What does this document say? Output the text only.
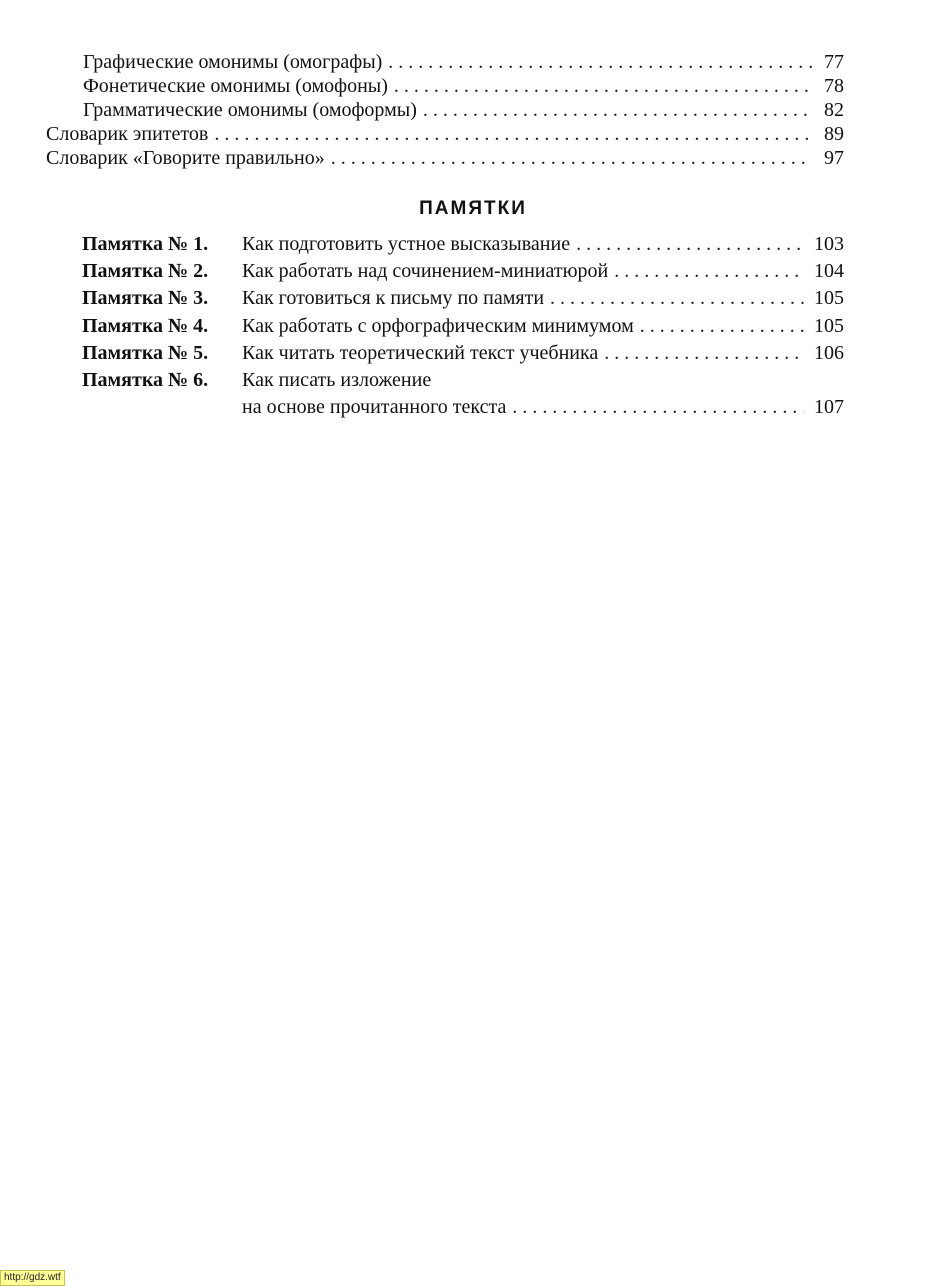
Графические омонимы (омографы) . . .	77
Фонетические омонимы (омофоны) . . .	78
Грамматические омонимы (омоформы) . . .	82
Словарик эпитетов . . .	89
Словарик «Говорите правильно» . . .	97
ПАМЯТКИ
Памятка № 1.	Как подготовить устное высказывание . . .	103
Памятка № 2.	Как работать над сочинением-миниатюрой . . .	104
Памятка № 3.	Как готовиться к письму по памяти . . .	105
Памятка № 4.	Как работать с орфографическим минимумом . . .	105
Памятка № 5.	Как читать теоретический текст учебника . . .	106
Памятка № 6.	Как писать изложение
на основе прочитанного текста . . .	107
http://gdz.wtf
